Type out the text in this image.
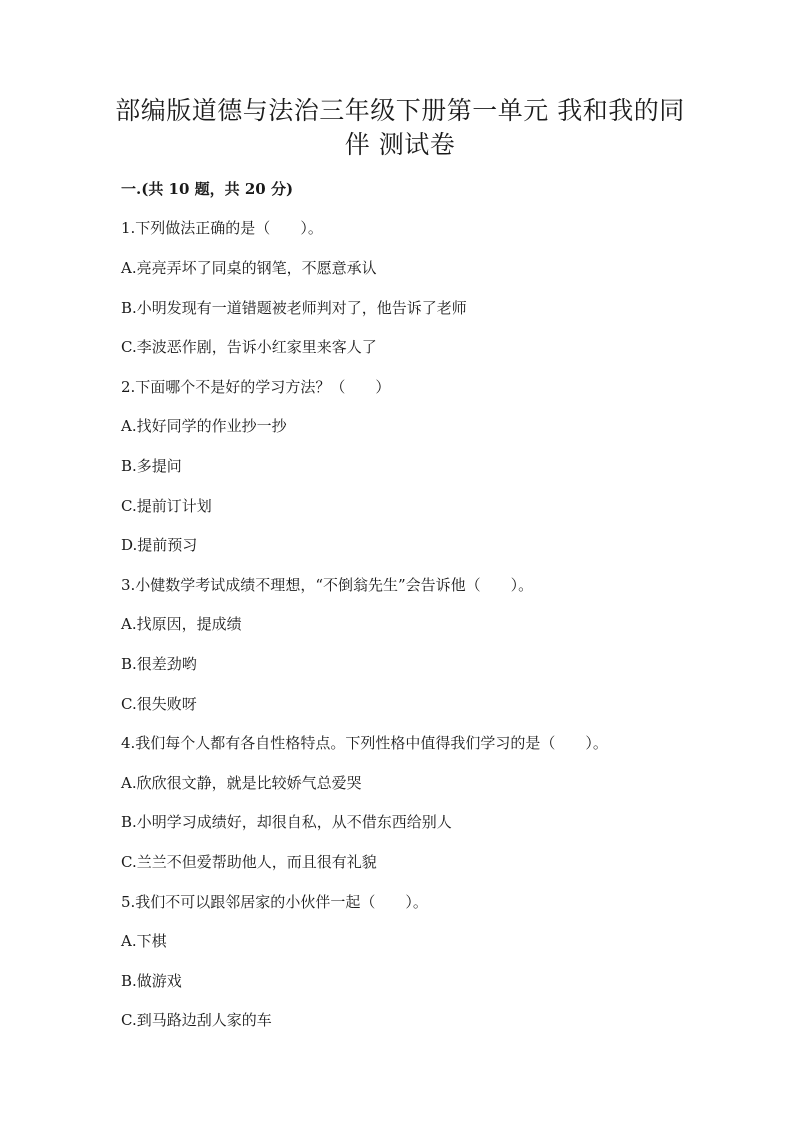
部编版道德与法治三年级下册第一单元 我和我的同
伴 测试卷
一.(共 10 题，共 20 分)
1.下列做法正确的是（　　）。
A.亮亮弄坏了同桌的钢笔，不愿意承认
B.小明发现有一道错题被老师判对了，他告诉了老师
C.李波恶作剧，告诉小红家里来客人了
2.下面哪个不是好的学习方法？（　　）
A.找好同学的作业抄一抄
B.多提问
C.提前订计划
D.提前预习
3.小健数学考试成绩不理想，“不倒翁先生”会告诉他（　　）。
A.找原因，提成绩
B.很差劲哟
C.很失败呀
4.我们每个人都有各自性格特点。下列性格中值得我们学习的是（　　）。
A.欣欣很文静，就是比较娇气总爱哭
B.小明学习成绩好，却很自私，从不借东西给别人
C.兰兰不但爱帮助他人，而且很有礼貌
5.我们不可以跟邻居家的小伙伴一起（　　）。
A.下棋
B.做游戏
C.到马路边刮人家的车
